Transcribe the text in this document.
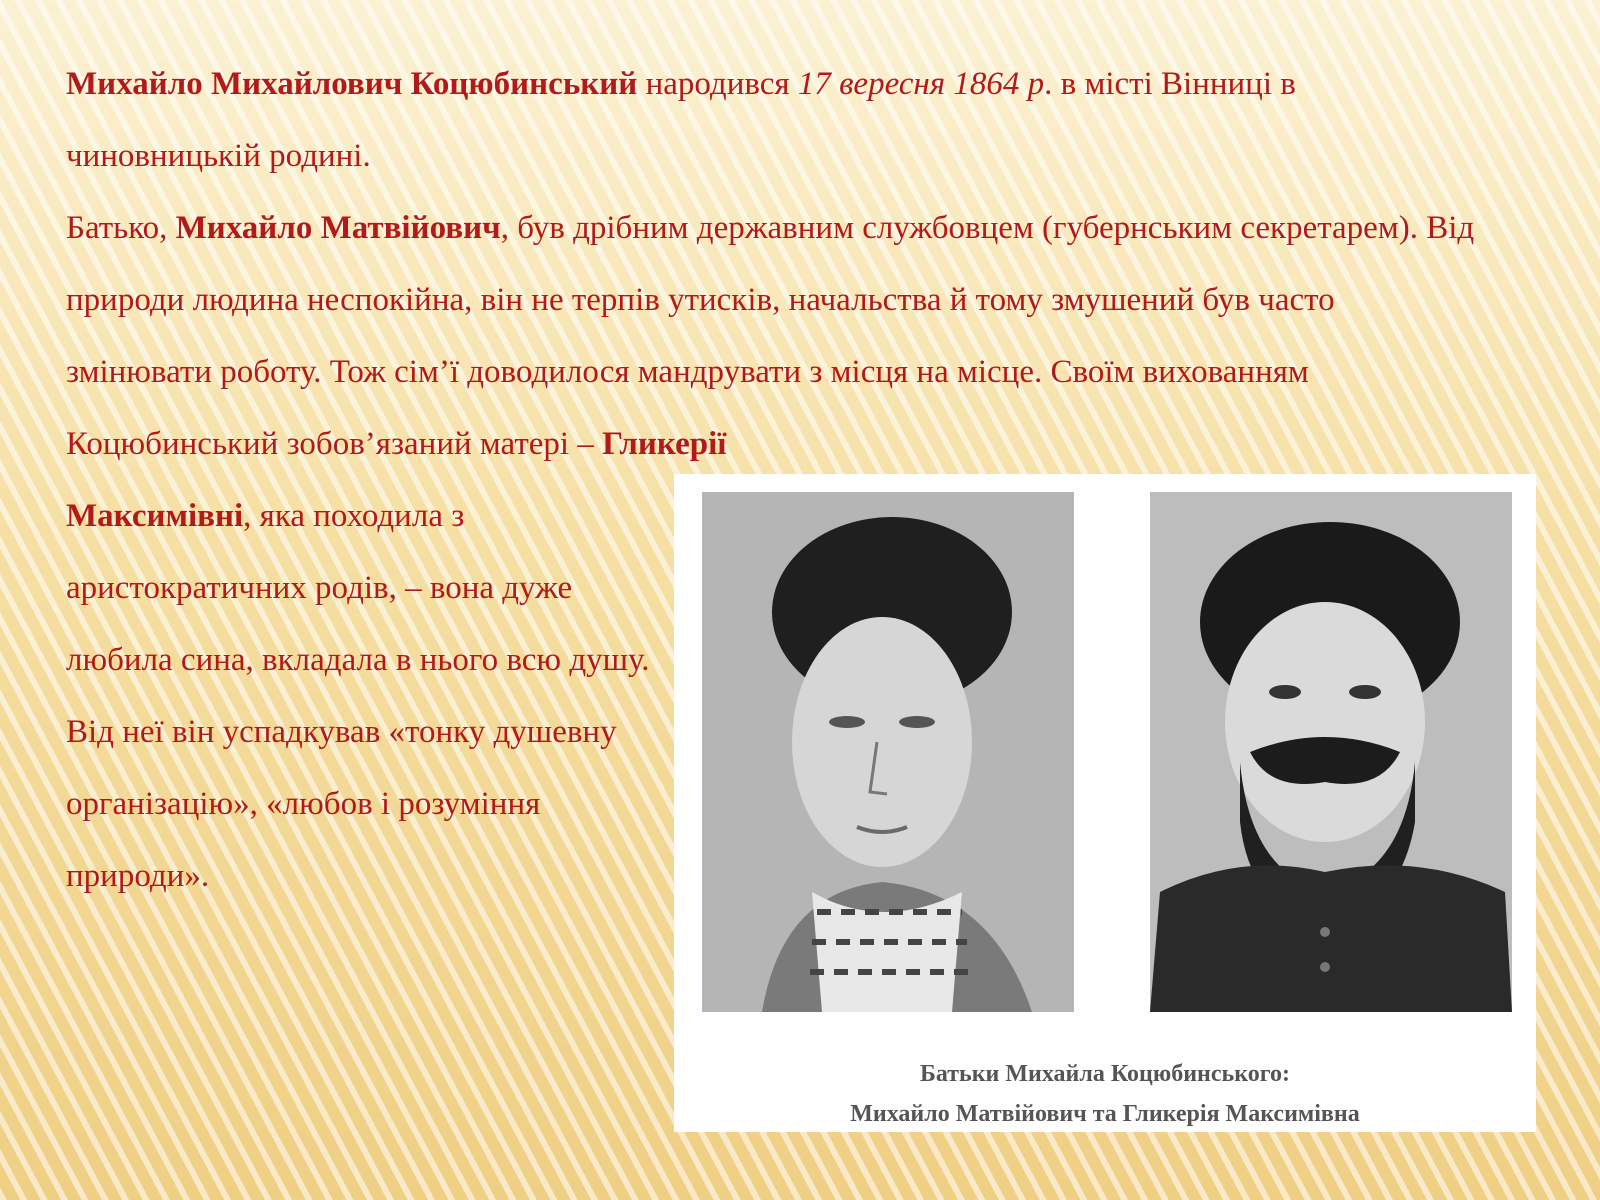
Михайло Михайлович Коцюбинський народився 17 вересня 1864 р. в місті Вінниці в чиновницькій родині.

Батько, Михайло Матвійович, був дрібним державним службовцем (губернським секретарем). Від природи людина неспокійна, він не терпів утисків, начальства й тому змушений був часто змінювати роботу. Тож сім’ї доводилося мандрувати з місця на місце. Своїм вихованням Коцюбинський зобов’язаний матері – Гликерії
Максимівні, яка походила з аристократичних родів, – вона дуже любила сина, вкладала в нього всю душу. Від неї він успадкував «тонку душевну організацію», «любов і розуміння природи».

Батьки Михайла Коцюбинського:
Михайло Матвійович та Гликерія Максимівна
